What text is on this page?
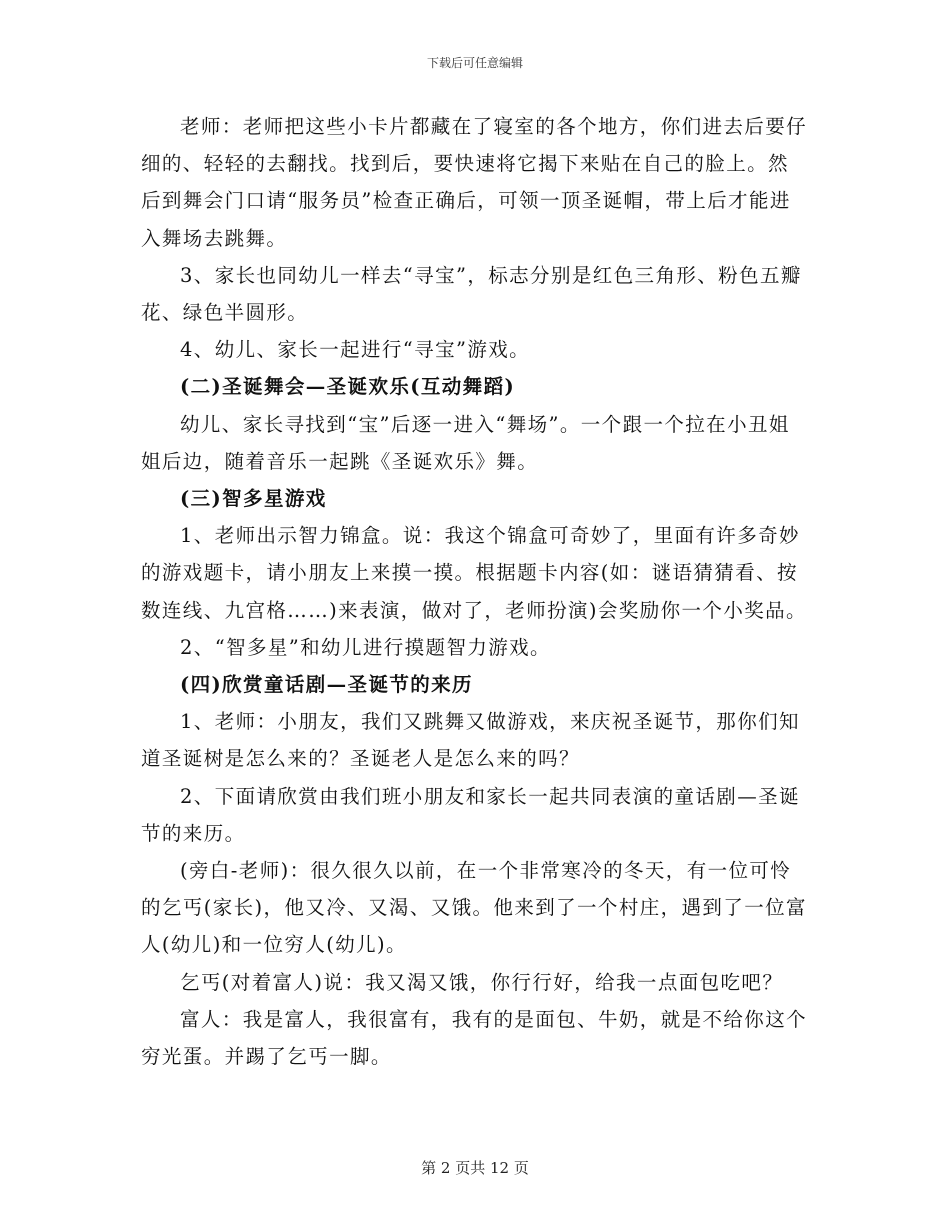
下载后可任意编辑

老师：老师把这些小卡片都藏在了寝室的各个地方，你们进去后要仔细的、轻轻的去翻找。找到后，要快速将它揭下来贴在自己的脸上。然后到舞会门口请“服务员”检查正确后，可领一顶圣诞帽，带上后才能进入舞场去跳舞。

3、家长也同幼儿一样去“寻宝”，标志分别是红色三角形、粉色五瓣花、绿色半圆形。

4、幼儿、家长一起进行“寻宝”游戏。

(二)圣诞舞会—圣诞欢乐(互动舞蹈)

幼儿、家长寻找到“宝”后逐一进入“舞场”。一个跟一个拉在小丑姐姐后边，随着音乐一起跳《圣诞欢乐》舞。

(三)智多星游戏

1、老师出示智力锦盒。说：我这个锦盒可奇妙了，里面有许多奇妙的游戏题卡，请小朋友上来摸一摸。根据题卡内容(如：谜语猜猜看、按数连线、九宫格……)来表演，做对了，老师扮演)会奖励你一个小奖品。

2、“智多星”和幼儿进行摸题智力游戏。

(四)欣赏童话剧—圣诞节的来历

1、老师：小朋友，我们又跳舞又做游戏，来庆祝圣诞节，那你们知道圣诞树是怎么来的？圣诞老人是怎么来的吗？

2、下面请欣赏由我们班小朋友和家长一起共同表演的童话剧—圣诞节的来历。

(旁白-老师)：很久很久以前，在一个非常寒冷的冬天，有一位可怜的乞丐(家长)，他又冷、又渴、又饿。他来到了一个村庄，遇到了一位富人(幼儿)和一位穷人(幼儿)。

乞丐(对着富人)说：我又渴又饿，你行行好，给我一点面包吃吧？

富人：我是富人，我很富有，我有的是面包、牛奶，就是不给你这个穷光蛋。并踢了乞丐一脚。

第 2 页共 12 页
